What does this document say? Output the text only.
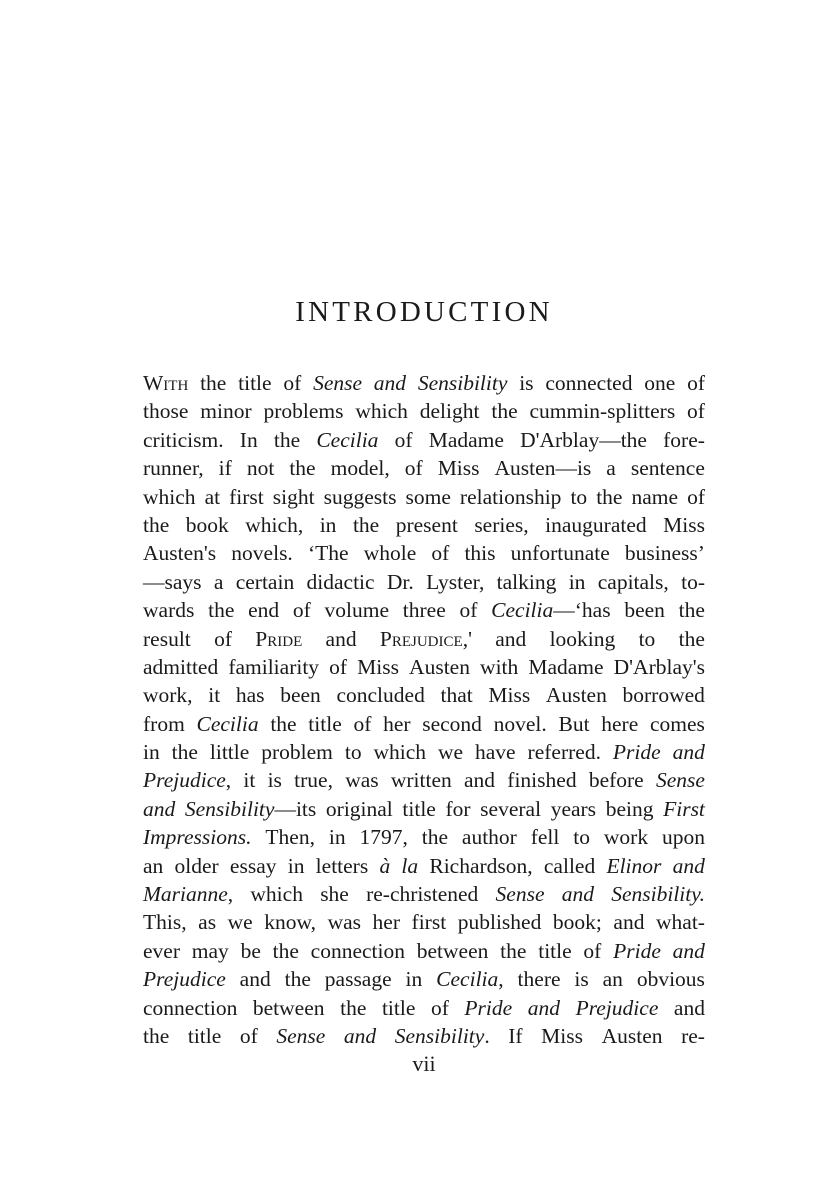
INTRODUCTION
With the title of Sense and Sensibility is connected one of
those minor problems which delight the cummin-splitters of
criticism. In the Cecilia of Madame D'Arblay—the fore-
runner, if not the model, of Miss Austen—is a sentence
which at first sight suggests some relationship to the name of
the book which, in the present series, inaugurated Miss
Austen's novels. ‘The whole of this unfortunate business’
—says a certain didactic Dr. Lyster, talking in capitals, to-
wards the end of volume three of Cecilia—‘has been the
result of Pride and Prejudice,' and looking to the
admitted familiarity of Miss Austen with Madame D'Arblay's
work, it has been concluded that Miss Austen borrowed
from Cecilia the title of her second novel. But here comes
in the little problem to which we have referred. Pride and
Prejudice, it is true, was written and finished before Sense
and Sensibility—its original title for several years being First
Impressions. Then, in 1797, the author fell to work upon
an older essay in letters à la Richardson, called Elinor and
Marianne, which she re-christened Sense and Sensibility.
This, as we know, was her first published book; and what-
ever may be the connection between the title of Pride and
Prejudice and the passage in Cecilia, there is an obvious
connection between the title of Pride and Prejudice and
the title of Sense and Sensibility. If Miss Austen re-
vii
